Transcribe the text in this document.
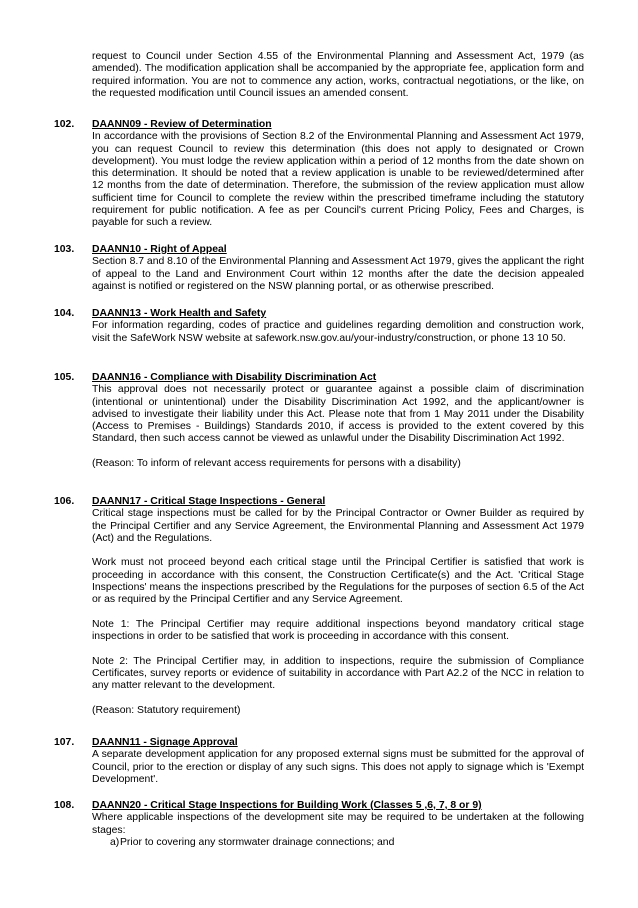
request to Council under Section 4.55 of the Environmental Planning and Assessment Act, 1979 (as amended). The modification application shall be accompanied by the appropriate fee, application form and required information. You are not to commence any action, works, contractual negotiations, or the like, on the requested modification until Council issues an amended consent.

102. DAANN09 - Review of Determination

In accordance with the provisions of Section 8.2 of the Environmental Planning and Assessment Act 1979, you can request Council to review this determination (this does not apply to designated or Crown development). You must lodge the review application within a period of 12 months from the date shown on this determination. It should be noted that a review application is unable to be reviewed/determined after 12 months from the date of determination. Therefore, the submission of the review application must allow sufficient time for Council to complete the review within the prescribed timeframe including the statutory requirement for public notification. A fee as per Council's current Pricing Policy, Fees and Charges, is payable for such a review.

103. DAANN10 - Right of Appeal

Section 8.7 and 8.10 of the Environmental Planning and Assessment Act 1979, gives the applicant the right of appeal to the Land and Environment Court within 12 months after the date the decision appealed against is notified or registered on the NSW planning portal, or as otherwise prescribed.

104. DAANN13 - Work Health and Safety

For information regarding, codes of practice and guidelines regarding demolition and construction work, visit the SafeWork NSW website at safework.nsw.gov.au/your-industry/construction, or phone 13 10 50.

105. DAANN16 - Compliance with Disability Discrimination Act

This approval does not necessarily protect or guarantee against a possible claim of discrimination (intentional or unintentional) under the Disability Discrimination Act 1992, and the applicant/owner is advised to investigate their liability under this Act. Please note that from 1 May 2011 under the Disability (Access to Premises - Buildings) Standards 2010, if access is provided to the extent covered by this Standard, then such access cannot be viewed as unlawful under the Disability Discrimination Act 1992.

(Reason: To inform of relevant access requirements for persons with a disability)

106. DAANN17 - Critical Stage Inspections - General

Critical stage inspections must be called for by the Principal Contractor or Owner Builder as required by the Principal Certifier and any Service Agreement, the Environmental Planning and Assessment Act 1979 (Act) and the Regulations.

Work must not proceed beyond each critical stage until the Principal Certifier is satisfied that work is proceeding in accordance with this consent, the Construction Certificate(s) and the Act. 'Critical Stage Inspections' means the inspections prescribed by the Regulations for the purposes of section 6.5 of the Act or as required by the Principal Certifier and any Service Agreement.

Note 1: The Principal Certifier may require additional inspections beyond mandatory critical stage inspections in order to be satisfied that work is proceeding in accordance with this consent.

Note 2: The Principal Certifier may, in addition to inspections, require the submission of Compliance Certificates, survey reports or evidence of suitability in accordance with Part A2.2 of the NCC in relation to any matter relevant to the development.

(Reason: Statutory requirement)

107. DAANN11 - Signage Approval

A separate development application for any proposed external signs must be submitted for the approval of Council, prior to the erection or display of any such signs. This does not apply to signage which is 'Exempt Development'.

108. DAANN20 - Critical Stage Inspections for Building Work (Classes 5 ,6, 7, 8 or 9)

Where applicable inspections of the development site may be required to be undertaken at the following stages:

a) Prior to covering any stormwater drainage connections; and
